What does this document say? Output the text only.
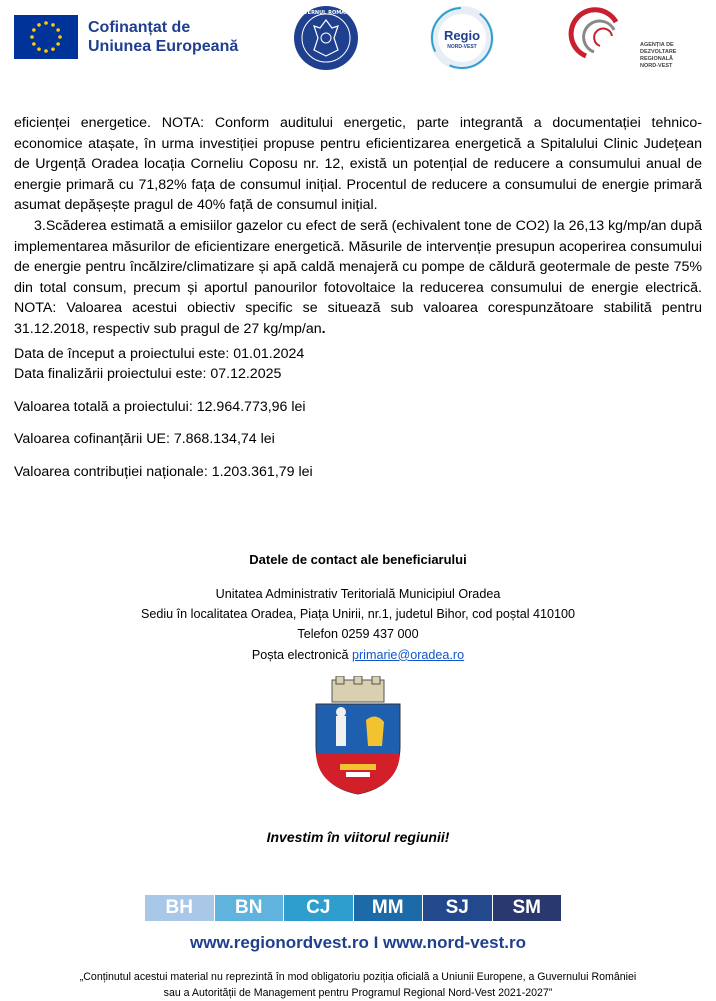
Cofinanțat de
Uniunea Europeană
GUVERNUL ROMÂNIEI
Regio
NORD-VEST	AGENȚIA DE
DEZVOLTARE REGIONALĂ
NORD-VEST

eficienței energetice. NOTA: Conform auditului energetic, parte integrantă a documentației tehnico-economice atașate, în urma investiției propuse pentru eficientizarea energetică a Spitalului Clinic Județean de Urgență Oradea locația Corneliu Coposu nr. 12, există un potențial de reducere a consumului anual de energie primară cu 71,82% fața de consumul inițial. Procentul de reducere a consumului de energie primară asumat depășește pragul de 40% față de consumul inițial.

3.Scăderea estimată a emisiilor gazelor cu efect de seră (echivalent tone de CO2) la 26,13 kg/mp/an după implementarea măsurilor de eficientizare energetică. Măsurile de intervenție presupun acoperirea consumului de energie pentru încălzire/climatizare și apă caldă menajeră cu pompe de căldură geotermale de peste 75% din total consum, precum și aportul panourilor fotovoltaice la reducerea consumului de energie electrică. NOTA: Valoarea acestui obiectiv specific se situează sub valoarea corespunzătoare stabilită pentru 31.12.2018, respectiv sub pragul de 27 kg/mp/an.

Data de început a proiectului este: 01.01.2024

Data finalizării proiectului este: 07.12.2025

Valoarea totală a proiectului: 12.964.773,96 lei

Valoarea cofinanțării UE: 7.868.134,74 lei

Valoarea contribuției naționale: 1.203.361,79 lei

Datele de contact ale beneficiarului
Unitatea Administrativ Teritorială Municipiul Oradea
Sediu în localitatea Oradea, Piața Unirii, nr.1, judetul Bihor, cod poștal 410100
Telefon 0259 437 000
Poșta electronică primarie@oradea.ro
Investim în viitorul regiunii!
BH	BN	CJ	MM	SJ	SM
www.regionordvest.ro I www.nord-vest.ro
„Conținutul acestui material nu reprezintă în mod obligatoriu poziția oficială a Uniunii Europene, a Guvernului României
sau a Autorității de Management pentru Programul Regional Nord-Vest 2021-2027”
